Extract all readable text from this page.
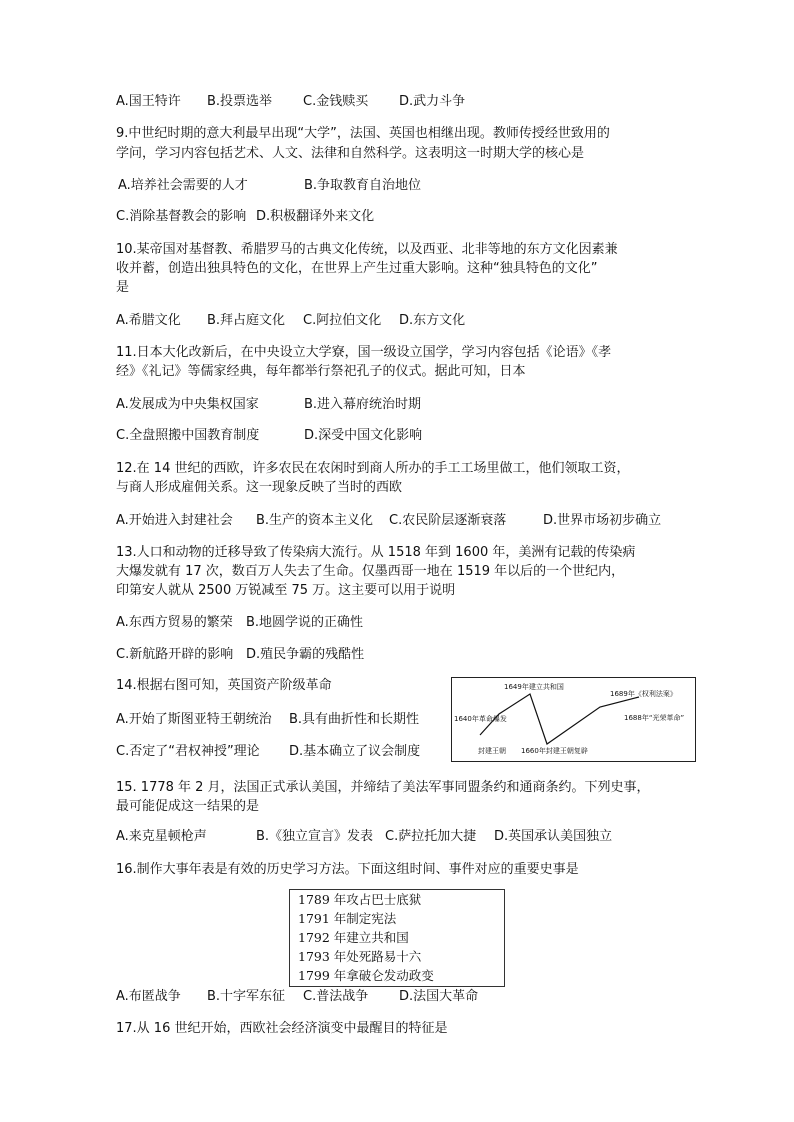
A.国王特许 B.投票选举 C.金钱赎买 D.武力斗争
9.中世纪时期的意大利最早出现“大学”，法国、英国也相继出现。教师传授经世致用的
学问，学习内容包括艺术、人文、法律和自然科学。这表明这一时期大学的核心是
A.培养社会需要的人才	B.争取教育自治地位
C.消除基督教会的影响 D.积极翻译外来文化
10.某帝国对基督教、希腊罗马的古典文化传统，以及西亚、北非等地的东方文化因素兼
收并蓄，创造出独具特色的文化，在世界上产生过重大影响。这种“独具特色的文化”
是
A.希腊文化 B.拜占庭文化 C.阿拉伯文化 D.东方文化
11.日本大化改新后，在中央设立大学寮，国一级设立国学，学习内容包括《论语》《孝
经》《礼记》等儒家经典，每年都举行祭祀孔子的仪式。据此可知，日本
A.发展成为中央集权国家	B.进入幕府统治时期
C.全盘照搬中国教育制度	D.深受中国文化影响
12.在 14 世纪的西欧，许多农民在农闲时到商人所办的手工工场里做工，他们领取工资，
与商人形成雇佣关系。这一现象反映了当时的西欧
A.开始进入封建社会 B.生产的资本主义化 C.农民阶层逐渐衰落	D.世界市场初步确立
13.人口和动物的迁移导致了传染病大流行。从 1518 年到 1600 年，美洲有记载的传染病
大爆发就有 17 次，数百万人失去了生命。仅墨西哥一地在 1519 年以后的一个世纪内，
印第安人就从 2500 万锐减至 75 万。这主要可以用于说明
A.东西方贸易的繁荣 B.地圆学说的正确性
C.新航路开辟的影响 D.殖民争霸的残酷性
14.根据右图可知，英国资产阶级革命
A.开始了斯图亚特王朝统治 B.具有曲折性和长期性
C.否定了“君权神授”理论 D.基本确立了议会制度
1649年建立共和国
1689年《权利法案》
1640年革命爆发	1688年“光荣革命”
封建王朝 1660年封建王朝复辟
15. 1778 年 2 月，法国正式承认美国，并缔结了美法军事同盟条约和通商条约。下列史事，
最可能促成这一结果的是
A.来克星顿枪声	B.《独立宣言》发表 C.萨拉托加大捷 D.英国承认美国独立
16.制作大事年表是有效的历史学习方法。下面这组时间、事件对应的重要史事是
1789 年攻占巴士底狱
1791 年制定宪法
1792 年建立共和国
1793 年处死路易十六
1799 年拿破仑发动政变
A.布匿战争 B.十字军东征 C.普法战争 D.法国大革命
17.从 16 世纪开始，西欧社会经济演变中最醒目的特征是
